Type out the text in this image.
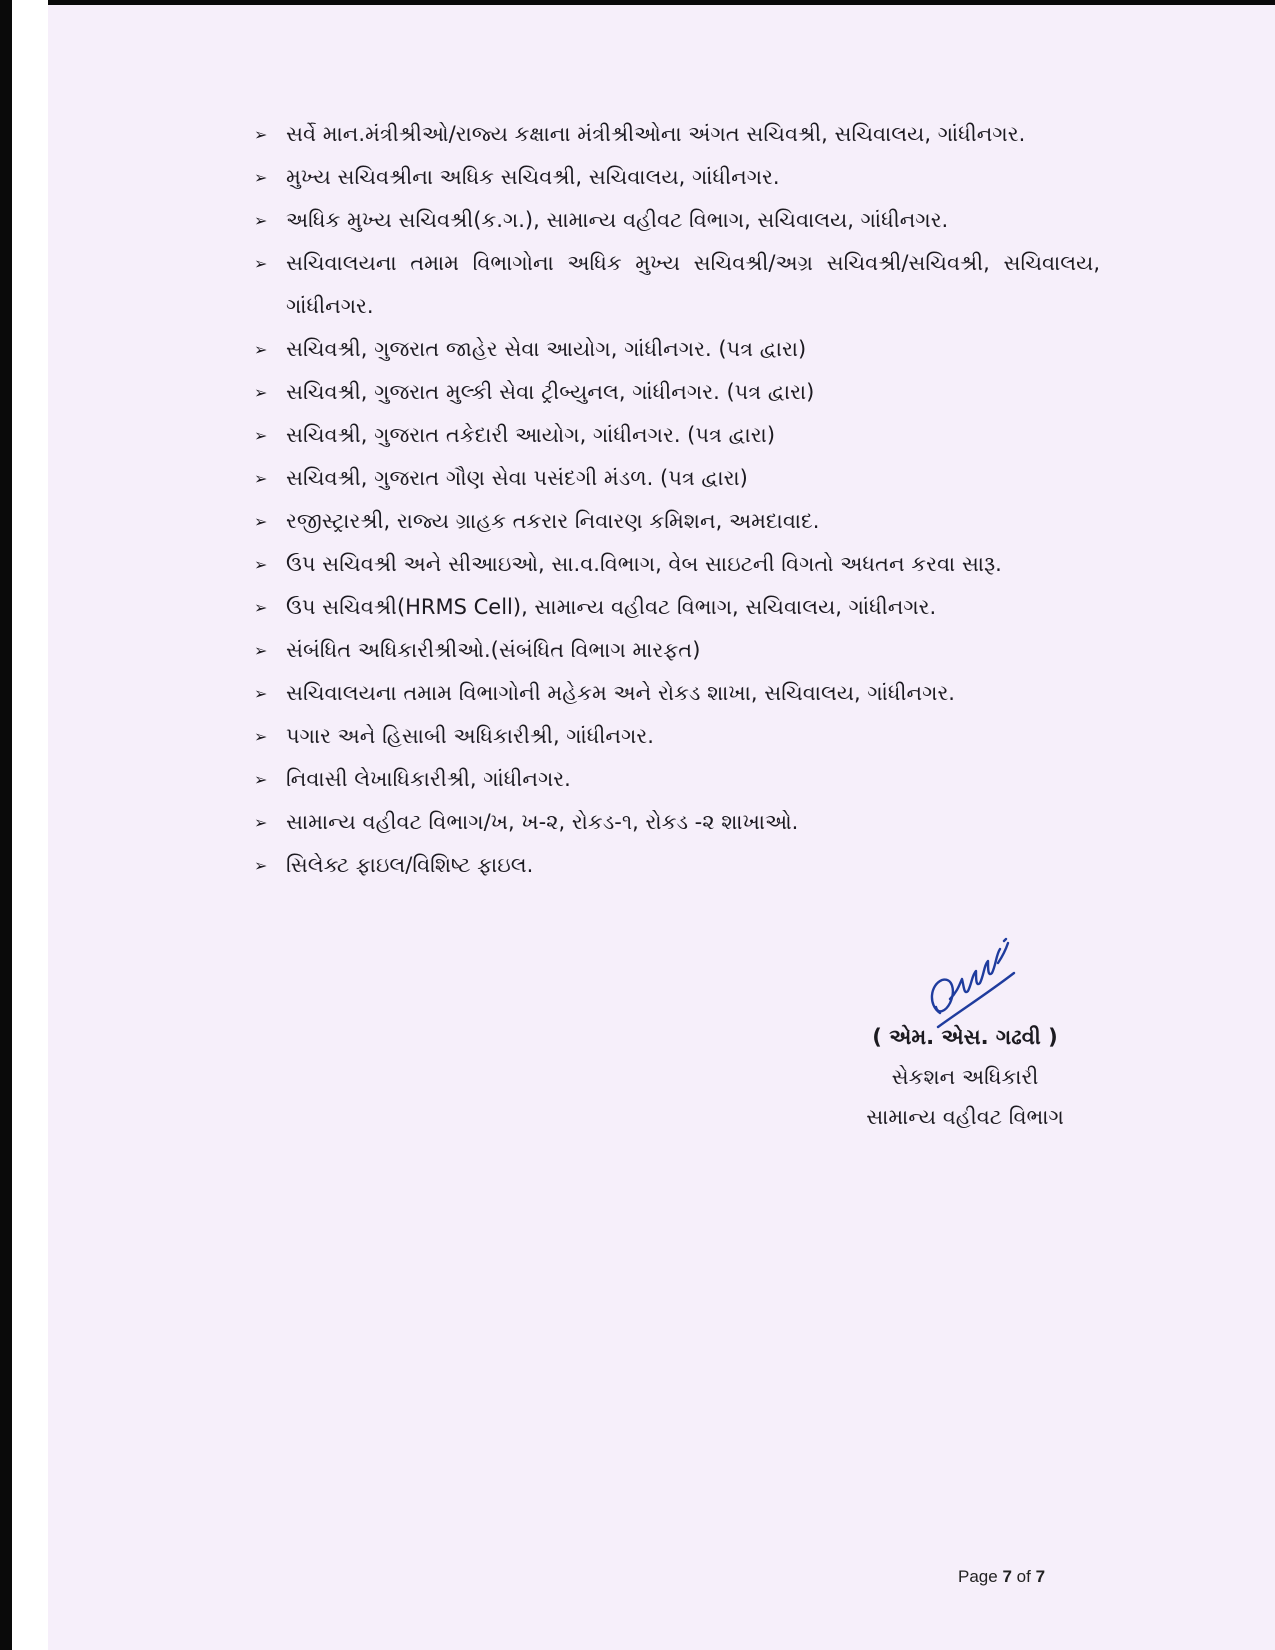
➢ સર્વે માન.મંત્રીશ્રીઓ/રાજ્ય કક્ષાના મંત્રીશ્રીઓના અંગત સચિવશ્રી, સચિવાલય, ગાંધીનગર.
➢ મુખ્ય સચિવશ્રીના અધિક સચિવશ્રી, સચિવાલય, ગાંધીનગર.
➢ અધિક મુખ્ય સચિવશ્રી(ક.ગ.), સામાન્ય વહીવટ વિભાગ, સચિવાલય, ગાંધીનગર.
➢ સચિવાલયના તમામ વિભાગોના અધિક મુખ્ય સચિવશ્રી/અગ્ર સચિવશ્રી/સચિવશ્રી, સચિવાલય, ગાંધીનગર.
➢ સચિવશ્રી, ગુજરાત જાહેર સેવા આયોગ, ગાંધીનગર. (પત્ર દ્વારા)
➢ સચિવશ્રી, ગુજરાત મુલ્કી સેવા ટ્રીબ્યુનલ, ગાંધીનગર. (પત્ર દ્વારા)
➢ સચિવશ્રી, ગુજરાત તકેદારી આયોગ, ગાંધીનગર. (પત્ર દ્વારા)
➢ સચિવશ્રી, ગુજરાત ગૌણ સેવા પસંદગી મંડળ. (પત્ર દ્વારા)
➢ રજીસ્ટ્રારશ્રી, રાજ્ય ગ્રાહક તકરાર નિવારણ કમિશન, અમદાવાદ.
➢ ઉપ સચિવશ્રી અને સીઆઇઓ, સા.વ.વિભાગ, વેબ સાઇટની વિગતો અધતન કરવા સારૂ.
➢ ઉપ સચિવશ્રી(HRMS Cell), સામાન્ય વહીવટ વિભાગ, સચિવાલય, ગાંધીનગર.
➢ સંબંધિત અધિકારીશ્રીઓ.(સંબંધિત વિભાગ મારફત)
➢ સચિવાલયના તમામ વિભાગોની મહેકમ અને રોકડ શાખા, સચિવાલય, ગાંધીનગર.
➢ પગાર અને હિસાબી અધિકારીશ્રી, ગાંધીનગર.
➢ નિવાસી લેખાધિકારીશ્રી, ગાંધીનગર.
➢ સામાન્ય વહીવટ વિભાગ/ખ, ખ-૨, રોકડ-૧, રોકડ -૨ શાખાઓ.
➢ સિલેક્ટ ફાઇલ/વિશિષ્ટ ફાઇલ.
( એમ. એસ. ગઢવી )
સેકશન અધિકારી
સામાન્ય વહીવટ વિભાગ
Page 7 of 7
